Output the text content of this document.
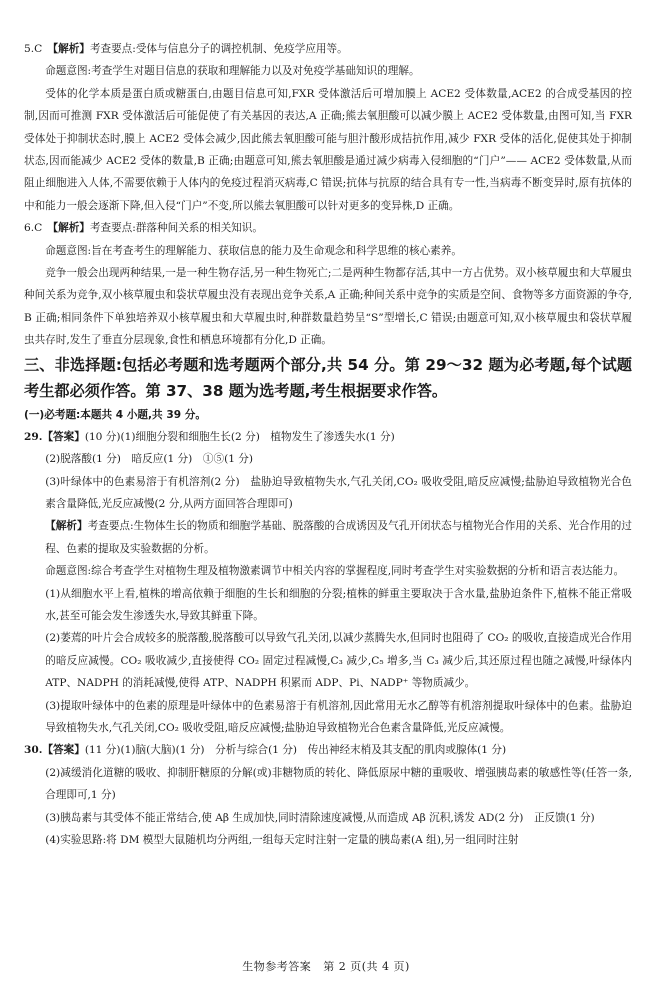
5.C　 【解析】考查要点:受体与信息分子的调控机制、免疫学应用等。

命题意图:考查学生对题目信息的获取和理解能力以及对免疫学基础知识的理解。

受体的化学本质是蛋白质或糖蛋白,由题目信息可知,FXR 受体激活后可增加膜上 ACE2 受体数量,ACE2 的合成受基因的控制,因而可推测 FXR 受体激活后可能促使了有关基因的表达,A 正确;熊去氧胆酸可以减少膜上 ACE2 受体数量,由图可知,当 FXR 受体处于抑制状态时,膜上 ACE2 受体会减少,因此熊去氧胆酸可能与胆汁酸形成拮抗作用,减少 FXR 受体的活化,促使其处于抑制状态,因而能减少 ACE2 受体的数量,B 正确;由题意可知,熊去氧胆酸是通过减少病毒入侵细胞的“门户”—— ACE2 受体数量,从而阻止细胞进入人体,不需要依赖于人体内的免疫过程消灭病毒,C 错误;抗体与抗原的结合具有专一性,当病毒不断变异时,原有抗体的中和能力一般会逐渐下降,但入侵“门户”不变,所以熊去氧胆酸可以针对更多的变异株,D 正确。

6.C　 【解析】考查要点:群落种间关系的相关知识。

命题意图:旨在考查考生的理解能力、获取信息的能力及生命观念和科学思维的核心素养。

竞争一般会出现两种结果,一是一种生物存活,另一种生物死亡;二是两种生物都存活,其中一方占优势。双小核草履虫和大草履虫种间关系为竞争,双小核草履虫和袋状草履虫没有表现出竞争关系,A 正确;种间关系中竞争的实质是空间、食物等多方面资源的争夺,B 正确;相同条件下单独培养双小核草履虫和大草履虫时,种群数量趋势呈“S”型增长,C 错误;由题意可知,双小核草履虫和袋状草履虫共存时,发生了垂直分层现象,食性和栖息环境都有分化,D 正确。

三、非选择题:包括必考题和选考题两个部分,共 54 分。第 29～32 题为必考题,每个试题考生都必须作答。第 37、38 题为选考题,考生根据要求作答。

(一)必考题:本题共 4 小题,共 39 分。

29.【答案】(10 分)(1)细胞分裂和细胞生长(2 分)　植物发生了渗透失水(1 分)

(2)脱落酸(1 分)　暗反应(1 分)　①⑤(1 分)

(3)叶绿体中的色素易溶于有机溶剂(2 分)　盐胁迫导致植物失水,气孔关闭,CO₂ 吸收受阻,暗反应减慢;盐胁迫导致植物光合色素含量降低,光反应减慢(2 分,从两方面回答合理即可)

【解析】考查要点:生物体生长的物质和细胞学基础、脱落酸的合成诱因及气孔开闭状态与植物光合作用的关系、光合作用的过程、色素的提取及实验数据的分析。

命题意图:综合考查学生对植物生理及植物激素调节中相关内容的掌握程度,同时考查学生对实验数据的分析和语言表达能力。

(1)从细胞水平上看,植株的增高依赖于细胞的生长和细胞的分裂;植株的鲜重主要取决于含水量,盐胁迫条件下,植株不能正常吸水,甚至可能会发生渗透失水,导致其鲜重下降。

(2)萎蔫的叶片会合成较多的脱落酸,脱落酸可以导致气孔关闭,以减少蒸腾失水,但同时也阻碍了 CO₂ 的吸收,直接造成光合作用的暗反应减慢。CO₂ 吸收减少,直接使得 CO₂ 固定过程减慢,C₃ 减少,C₅ 增多,当 C₃ 减少后,其还原过程也随之减慢,叶绿体内 ATP、NADPH 的消耗减慢,使得 ATP、NADPH 积累而 ADP、Pi、NADP⁺ 等物质减少。

(3)提取叶绿体中的色素的原理是叶绿体中的色素易溶于有机溶剂,因此常用无水乙醇等有机溶剂提取叶绿体中的色素。盐胁迫导致植物失水,气孔关闭,CO₂ 吸收受阻,暗反应减慢;盐胁迫导致植物光合色素含量降低,光反应减慢。

30.【答案】(11 分)(1)脑(大脑)(1 分)　分析与综合(1 分)　传出神经末梢及其支配的肌肉或腺体(1 分)

(2)减缓消化道糖的吸收、抑制肝糖原的分解(或)非糖物质的转化、降低原尿中糖的重吸收、增强胰岛素的敏感性等(任答一条,合理即可,1 分)

(3)胰岛素与其受体不能正常结合,使 Aβ 生成加快,同时清除速度减慢,从而造成 Aβ 沉积,诱发 AD(2 分)　正反馈(1 分)

(4)实验思路:将 DM 模型大鼠随机均分两组,一组每天定时注射一定量的胰岛素(A 组),另一组同时注射

生物参考答案 第 2 页(共 4 页)
